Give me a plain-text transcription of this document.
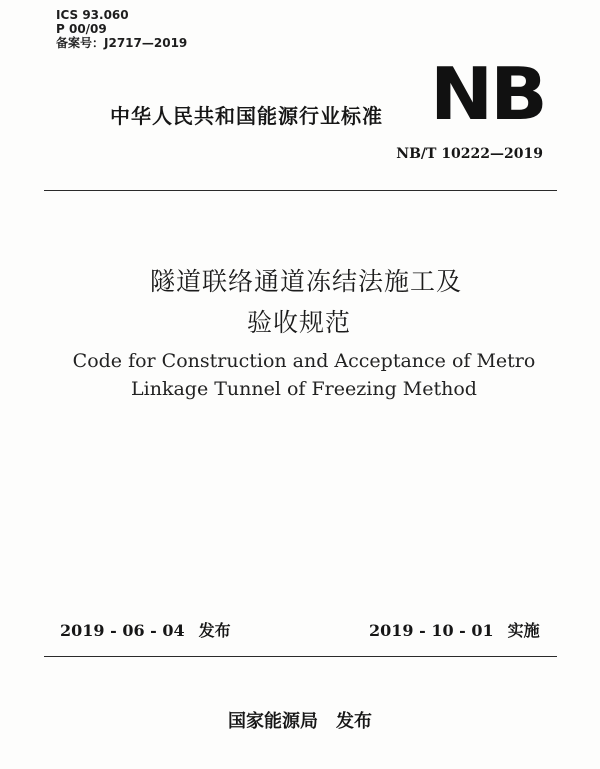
ICS 93.060
P 00/09
备案号：J2717—2019
中华人民共和国能源行业标准 NB
NB/T 10222—2019
隧道联络通道冻结法施工及
验收规范
Code for Construction and Acceptance of Metro
Linkage Tunnel of Freezing Method
2019 - 06 - 04 发布	2019 - 10 - 01 实施
国家能源局 发布
